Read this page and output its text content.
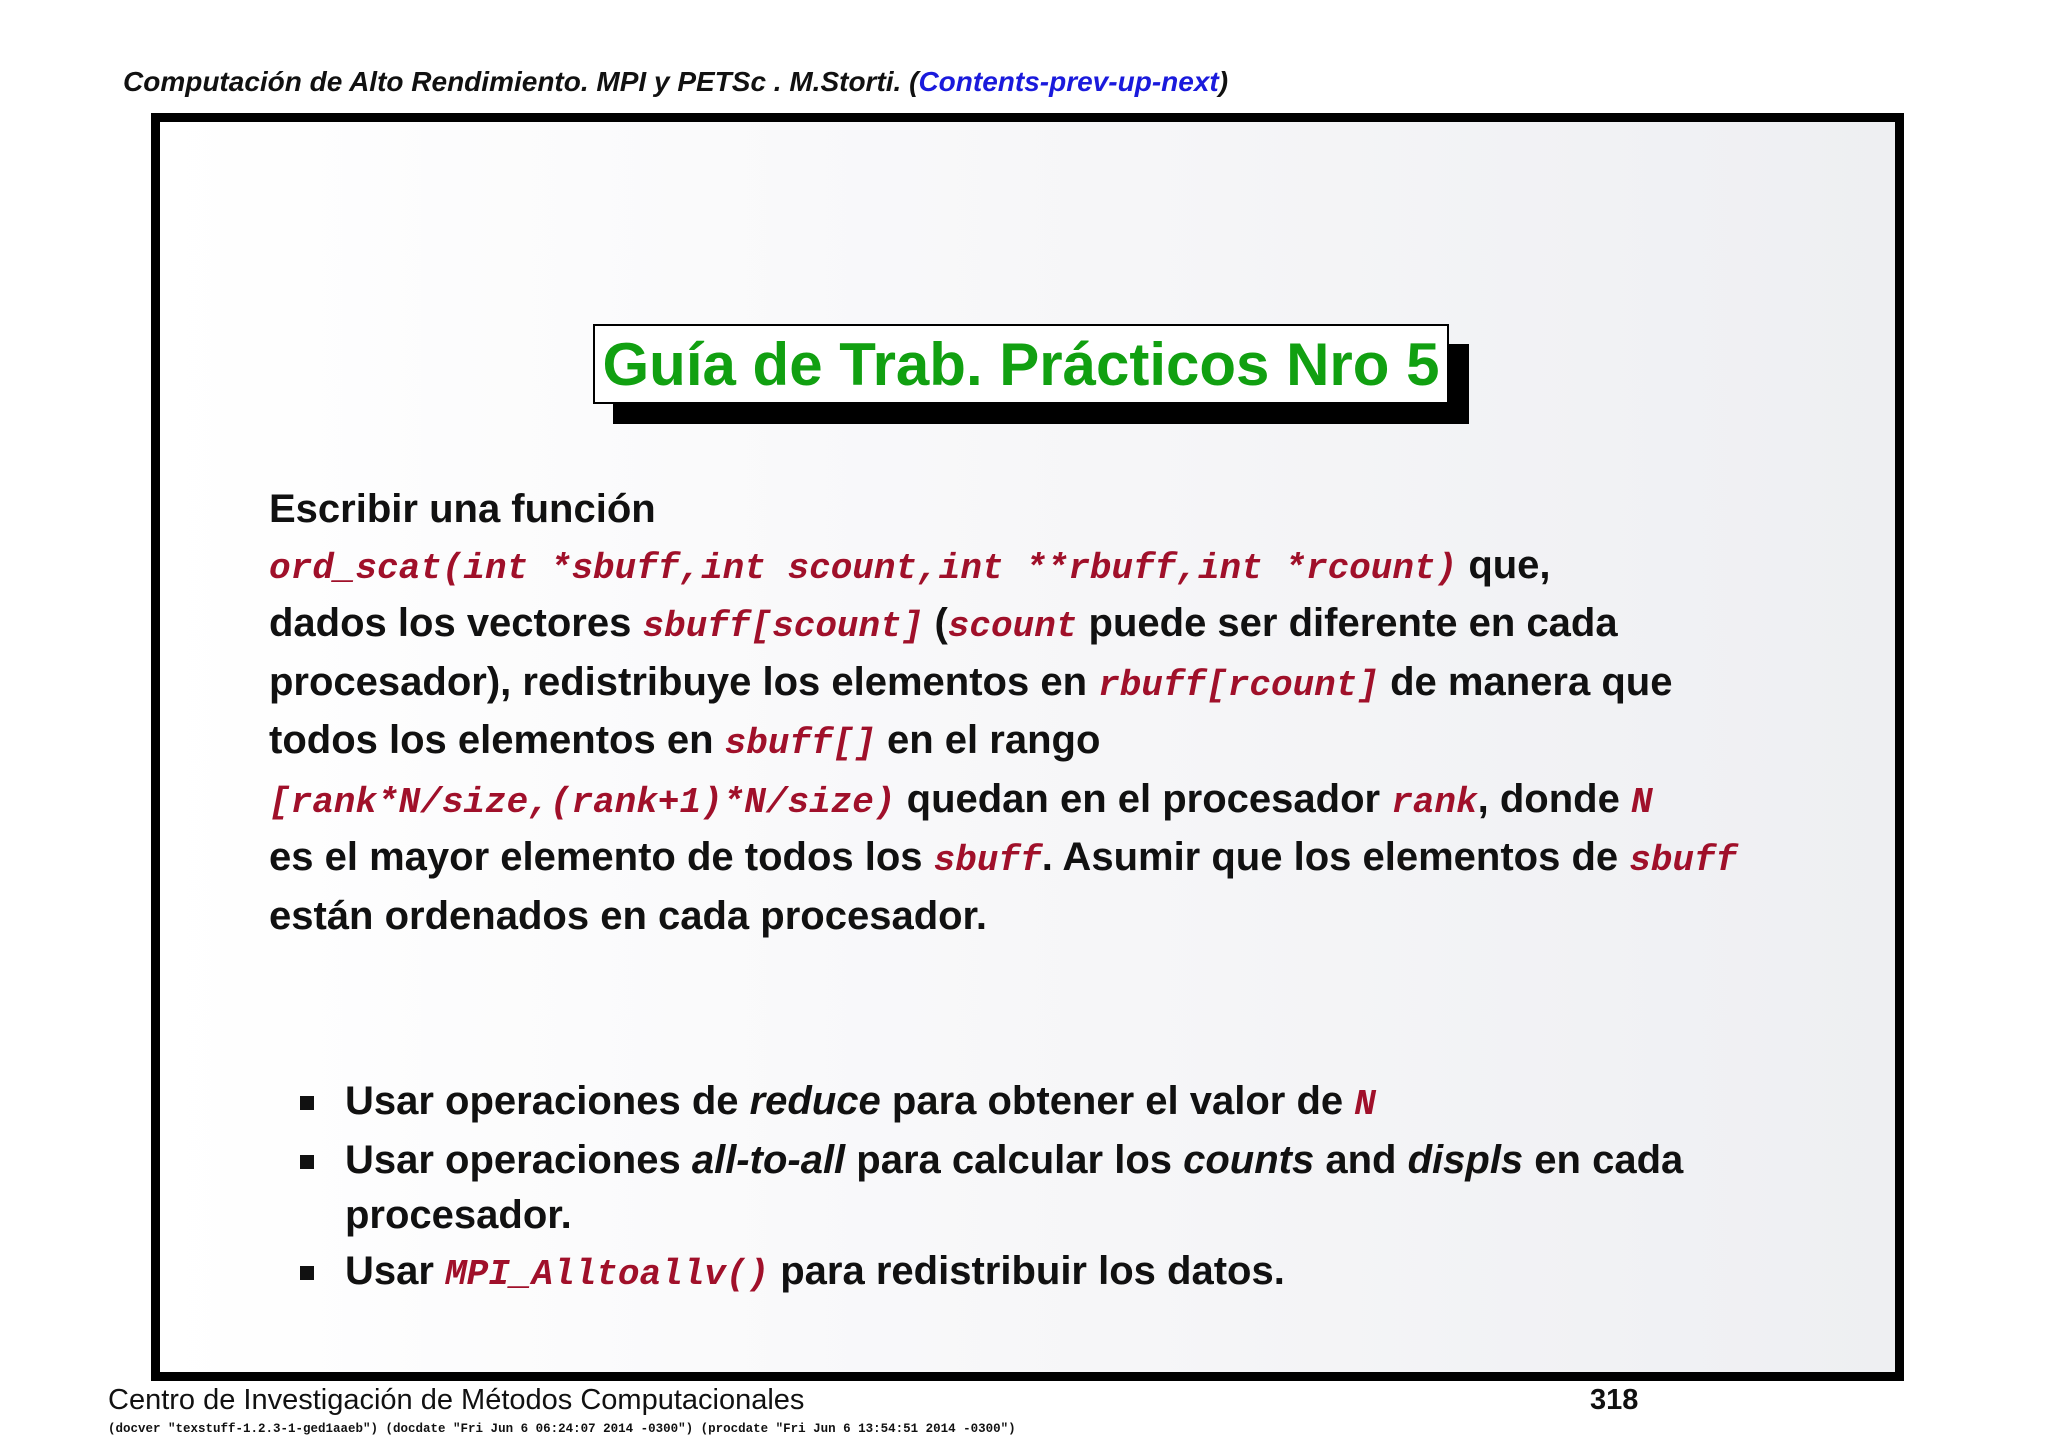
Computación de Alto Rendimiento. MPI y PETSc . M.Storti. (Contents-prev-up-next)
Guía de Trab. Prácticos Nro 5
Escribir una función
ord_scat(int *sbuff,int scount,int **rbuff,int *rcount) que,
dados los vectores sbuff[scount] (scount puede ser diferente en cada
procesador), redistribuye los elementos en rbuff[rcount] de manera que
todos los elementos en sbuff[] en el rango
[rank*N/size,(rank+1)*N/size) quedan en el procesador rank, donde N
es el mayor elemento de todos los sbuff. Asumir que los elementos de sbuff
están ordenados en cada procesador.
Usar operaciones de reduce para obtener el valor de N
Usar operaciones all-to-all para calcular los counts and displs en cada
procesador.
Usar MPI_Alltoallv() para redistribuir los datos.
Centro de Investigación de Métodos Computacionales	318
(docver "texstuff-1.2.3-1-ged1aaeb") (docdate "Fri Jun 6 06:24:07 2014 -0300") (procdate "Fri Jun 6 13:54:51 2014 -0300")
